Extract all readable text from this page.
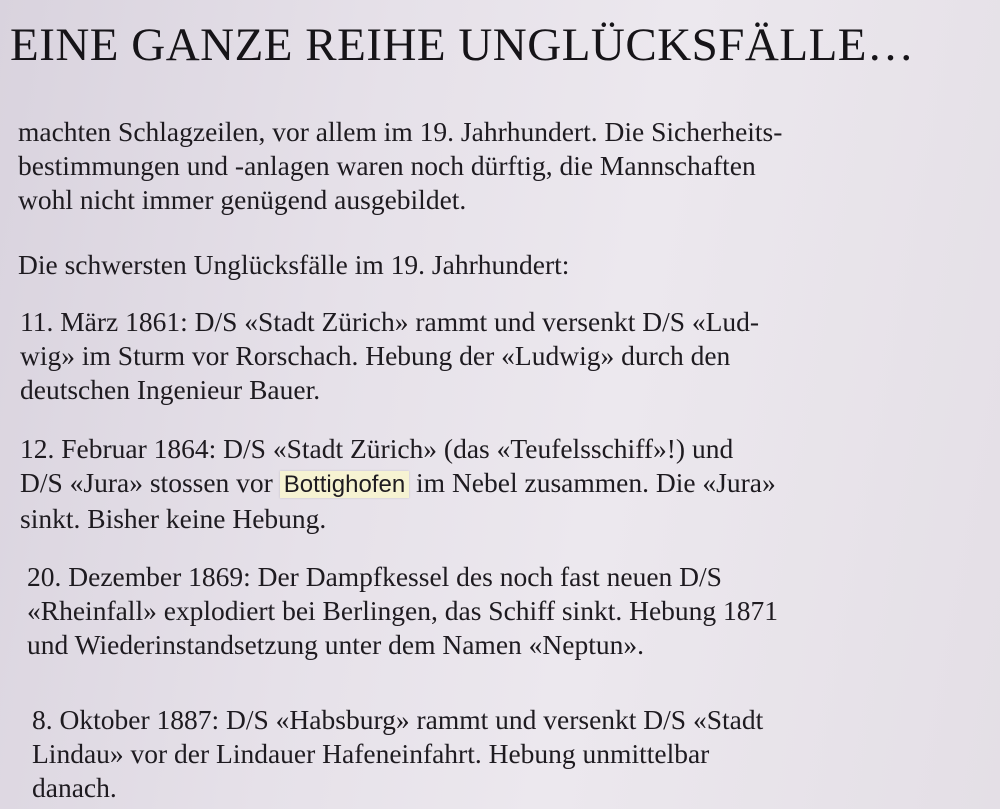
EINE GANZE REIHE UNGLÜCKSFÄLLE…

machten Schlagzeilen, vor allem im 19. Jahrhundert. Die Sicherheits-
bestimmungen und -anlagen waren noch dürftig, die Mannschaften
wohl nicht immer genügend ausgebildet.

Die schwersten Unglücksfälle im 19. Jahrhundert:

11. März 1861: D/S «Stadt Zürich» rammt und versenkt D/S «Lud-
wig» im Sturm vor Rorschach. Hebung der «Ludwig» durch den
deutschen Ingenieur Bauer.

12. Februar 1864: D/S «Stadt Zürich» (das «Teufelsschiff»!) und
D/S «Jura» stossen vor Bottighofen im Nebel zusammen. Die «Jura»
sinkt. Bisher keine Hebung.

20. Dezember 1869: Der Dampfkessel des noch fast neuen D/S
«Rheinfall» explodiert bei Berlingen, das Schiff sinkt. Hebung 1871
und Wiederinstandsetzung unter dem Namen «Neptun».

8. Oktober 1887: D/S «Habsburg» rammt und versenkt D/S «Stadt
Lindau» vor der Lindauer Hafeneinfahrt. Hebung unmittelbar
danach.
